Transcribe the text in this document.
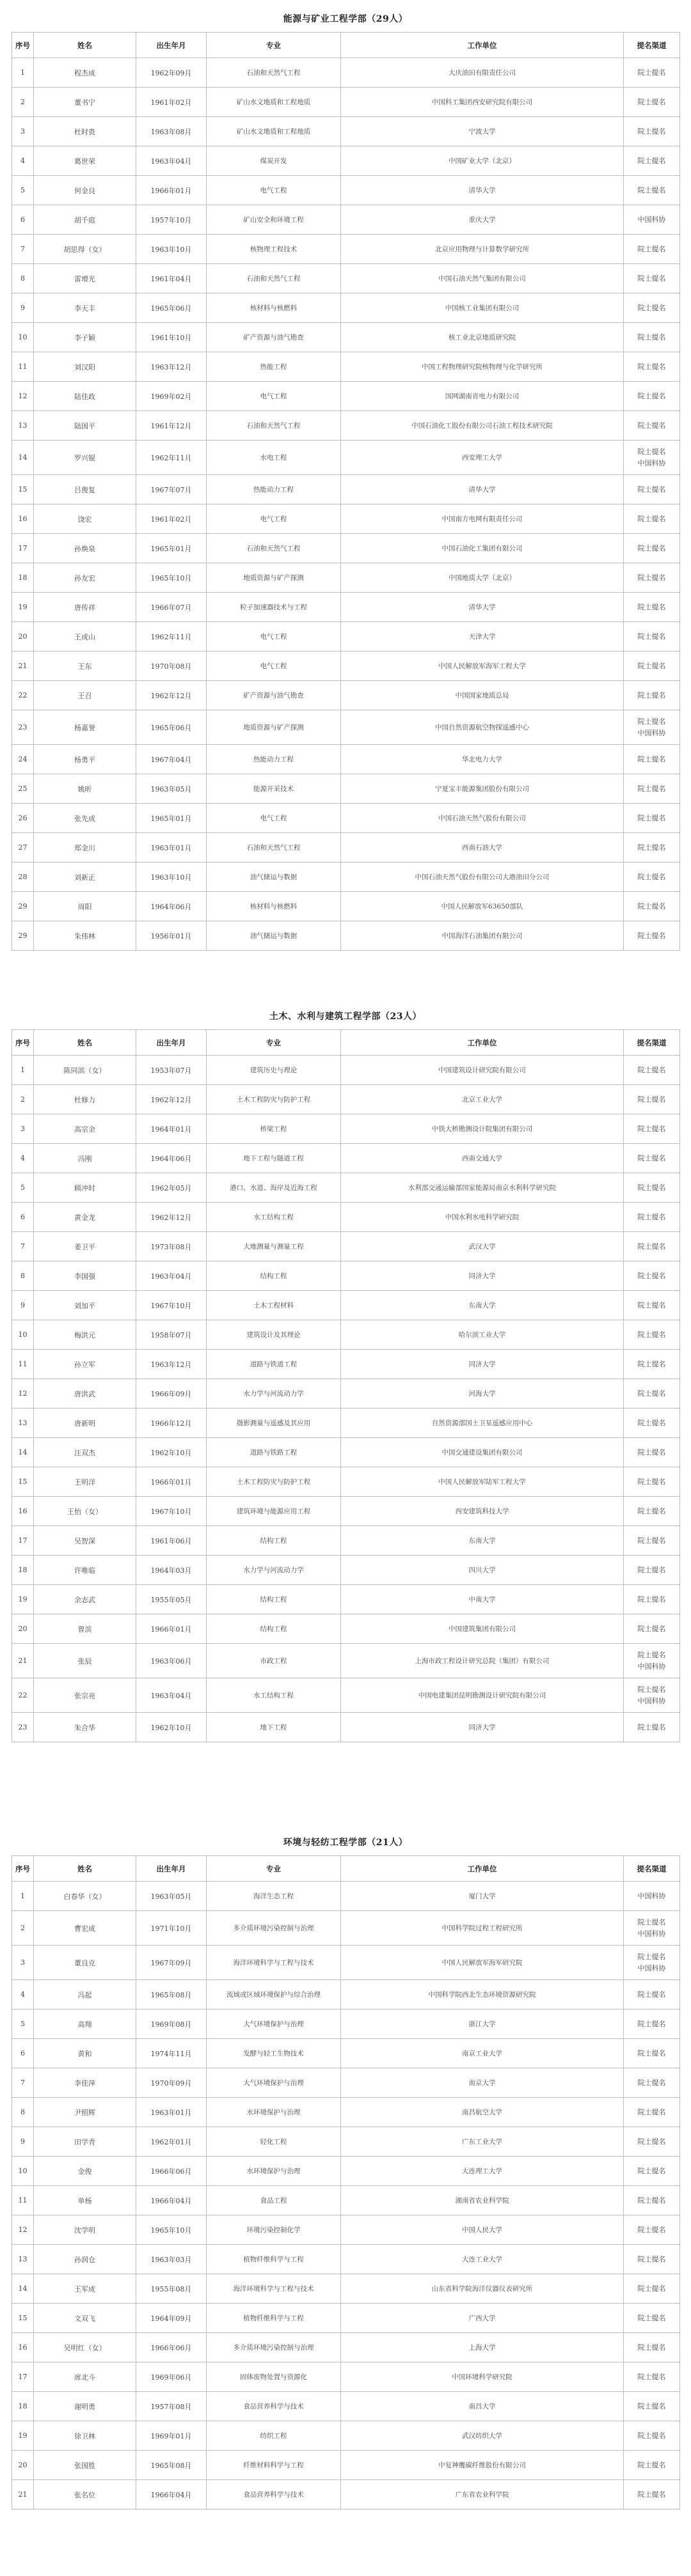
能源与矿业工程学部（29人）
序号	姓名	出生年月	专业	工作单位	提名渠道
1	程杰成	1962年09月	石油和天然气工程	大庆油田有限责任公司	院士提名

2	董书宁	1961年02月	矿山水文地质和工程地质	中国科工集团西安研究院有限公司	院士提名

3	杜时贵	1963年08月	矿山水文地质和工程地质	宁波大学	院士提名

4	葛世荣	1963年04月	煤炭开发	中国矿业大学（北京）	院士提名

5	何金良	1966年01月	电气工程	清华大学	院士提名

6	胡千庭	1957年10月	矿山安全和环境工程	重庆大学	中国科协

7	胡思得（女）	1963年10月	核物理工程技术	北京应用物理与计算数学研究所	院士提名

8	雷增光	1961年04月	石油和天然气工程	中国石油天然气集团有限公司	院士提名

9	李天丰	1965年06月	核材料与核燃料	中国核工业集团有限公司	院士提名

10	李子颖	1961年10月	矿产资源与油气勘查	核工业北京地质研究院	院士提名

11	刘汉阳	1963年12月	热能工程	中国工程物理研究院核物理与化学研究所	院士提名

12	陆佳政	1969年02月	电气工程	国网湖南省电力有限公司	院士提名

13	陆国平	1961年12月	石油和天然气工程	中国石油化工股份有限公司石油工程技术研究院	院士提名

14	罗兴锟	1962年11月	水电工程	西安理工大学	院士提名
中国科协

15	吕俊复	1967年07月	热能动力工程	清华大学	院士提名

16	饶宏	1961年02月	电气工程	中国南方电网有限责任公司	院士提名

17	孙焕泉	1965年01月	石油和天然气工程	中国石油化工集团有限公司	院士提名

18	孙友宏	1965年10月	地质资源与矿产探测	中国地质大学（北京）	院士提名

19	唐传祥	1966年07月	粒子加速器技术与工程	清华大学	院士提名

20	王成山	1962年11月	电气工程	天津大学	院士提名

21	王东	1970年08月	电气工程	中国人民解放军海军工程大学	院士提名

22	王召	1962年12月	矿产资源与油气勘查	中国国家地质总局	院士提名

23	杨嘉誉	1965年06月	地质资源与矿产探测	中国自然资源航空物探遥感中心	院士提名
中国科协

24	杨勇平	1967年04月	热能动力工程	华北电力大学	院士提名

25	姚昕	1963年05月	能源开采技术	宁夏宝丰能源集团股份有限公司	院士提名

26	张先成	1965年01月	电气工程	中国石油天然气股份有限公司	院士提名

27	郑金川	1963年01月	石油和天然气工程	西南石油大学	院士提名

28	刘新正	1963年10月	油气储运与数据	中国石油天然气股份有限公司大港油田分公司	院士提名

29	周阳	1964年06月	核材料与核燃料	中国人民解放军63650部队	院士提名

29	朱伟林	1956年01月	油气储运与数据	中国海洋石油集团有限公司	院士提名
土木、水利与建筑工程学部（23人）
序号	姓名	出生年月	专业	工作单位	提名渠道
1	陈同滨（女）	1953年07月	建筑历史与理论	中国建筑设计研究院有限公司	院士提名

2	杜修力	1962年12月	土木工程防灾与防护工程	北京工业大学	院士提名

3	高宗余	1964年01月	桥梁工程	中铁大桥勘测设计院集团有限公司	院士提名

4	冯刚	1964年06月	地下工程与隧道工程	西南交通大学	院士提名

5	顾冲时	1962年05月	港口、水道、海岸及近海工程	水利部交通运输部国家能源局南京水利科学研究院	院士提名

6	黄金龙	1962年12月	水工结构工程	中国水利水电科学研究院	院士提名

7	姜卫平	1973年08月	大地测量与测量工程	武汉大学	院士提名

8	李国强	1963年04月	结构工程	同济大学	院士提名

9	刘加平	1967年10月	土木工程材料	东南大学	院士提名

10	梅洪元	1958年07月	建筑设计及其理论	哈尔滨工业大学	院士提名

11	孙立军	1963年12月	道路与铁道工程	同济大学	院士提名

12	唐洪武	1966年09月	水力学与河流动力学	河海大学	院士提名

13	唐新明	1966年12月	摄影测量与遥感及其应用	自然资源部国土卫星遥感应用中心	院士提名

14	汪双杰	1962年10月	道路与铁路工程	中国交通建设集团有限公司	院士提名

15	王明洋	1966年01月	土木工程防灾与防护工程	中国人民解放军陆军工程大学	院士提名

16	王怡（女）	1967年10月	建筑环境与能源应用工程	西安建筑科技大学	院士提名

17	吴智深	1961年06月	结构工程	东南大学	院士提名

18	许唯临	1964年03月	水力学与河流动力学	四川大学	院士提名

19	余志武	1955年05月	结构工程	中南大学	院士提名

20	曾滨	1966年01月	结构工程	中国建筑集团有限公司	院士提名

21	张辰	1963年06月	市政工程	上海市政工程设计研究总院（集团）有限公司	院士提名
中国科协

22	张宗亮	1963年04月	水工结构工程	中国电建集团昆明勘测设计研究院有限公司	院士提名
中国科协

23	朱合华	1962年10月	地下工程	同济大学	院士提名
环境与轻纺工程学部（21人）
序号	姓名	出生年月	专业	工作单位	提名渠道
1	白春华（女）	1963年05月	海洋生态工程	厦门大学	中国科协

2	曹宏成	1971年10月	多介质环境污染控制与治理	中国科学院过程工程研究所	院士提名
中国科协

3	董良克	1967年09月	海洋环境科学与工程与技术	中国人民解放军海军研究院	院士提名
中国科协

4	冯起	1965年08月	流域或区域环境保护与综合治理	中国科学院西北生态环境资源研究院	院士提名

5	高翔	1969年08月	大气环境保护与治理	浙江大学	院士提名

6	黄和	1974年11月	发酵与轻工生物技术	南京工业大学	院士提名

7	李佳萍	1970年09月	大气环境保护与治理	南京大学	院士提名

8	尹照辉	1963年01月	水环境保护与治理	南昌航空大学	院士提名

9	田学青	1962年01月	轻化工程	广东工业大学	院士提名

10	金俊	1966年06月	水环境保护与治理	大连理工大学	院士提名

11	单杨	1966年04月	食品工程	湖南省农业科学院	院士提名

12	沈学明	1965年10月	环境污染控制化学	中国人民大学	院士提名

13	孙润仓	1963年03月	植物纤维科学与工程	大连工业大学	院士提名

14	王军成	1955年08月	海洋环境科学与工程与技术	山东省科学院海洋仪器仪表研究所	院士提名

15	文双飞	1964年09月	植物纤维科学与工程	广西大学	院士提名

16	吴明红（女）	1966年06月	多介质环境污染控制与治理	上海大学	院士提名

17	席北斗	1969年06月	固体废物处置与资源化	中国环境科学研究院	院士提名

18	谢明勇	1957年08月	食品营养科学与技术	南昌大学	院士提名

19	徐卫林	1969年01月	纺织工程	武汉纺织大学	院士提名

20	张国胜	1965年08月	纤维材料科学与工程	中复神鹰碳纤维股份有限公司	院士提名

21	张名位	1966年04月	食品营养科学与技术	广东省农业科学院	院士提名
